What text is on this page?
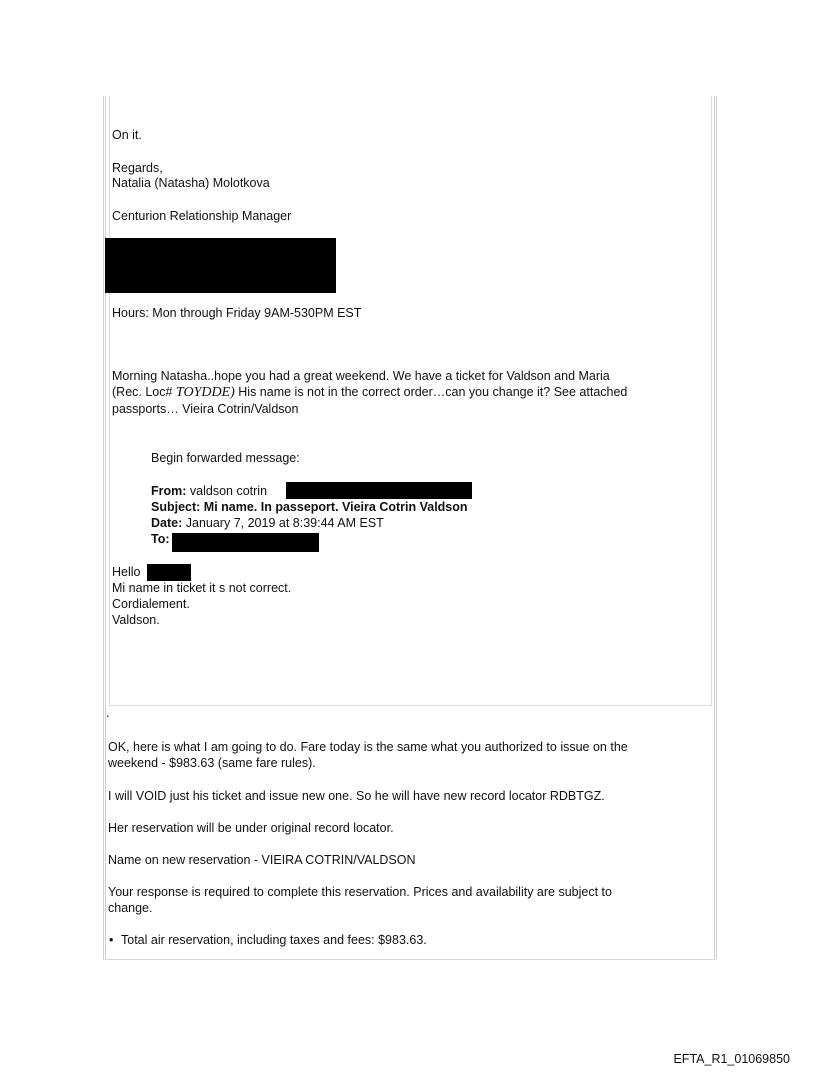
On it.
Regards,
Natalia (Natasha) Molotkova
Centurion Relationship Manager
Hours: Mon through Friday 9AM-530PM EST
Morning Natasha..hope you had a great weekend. We have a ticket for Valdson and Maria
(Rec. Loc# TOYDDE) His name is not in the correct order…can you change it? See attached
passports… Vieira Cotrin/Valdson
Begin forwarded message:
From: valdson cotrin
Subject: Mi name. In passeport. Vieira Cotrin Valdson
Date: January 7, 2019 at 8:39:44 AM EST
To:
Hello
Mi name in ticket it s not correct.
Cordialement.
Valdson.
.
OK, here is what I am going to do. Fare today is the same what you authorized to issue on the
weekend - $983.63 (same fare rules).
I will VOID just his ticket and issue new one. So he will have new record locator RDBTGZ.
Her reservation will be under original record locator.
Name on new reservation - VIEIRA COTRIN/VALDSON
Your response is required to complete this reservation. Prices and availability are subject to
change.
• Total air reservation, including taxes and fees: $983.63.
EFTA_R1_01069850
